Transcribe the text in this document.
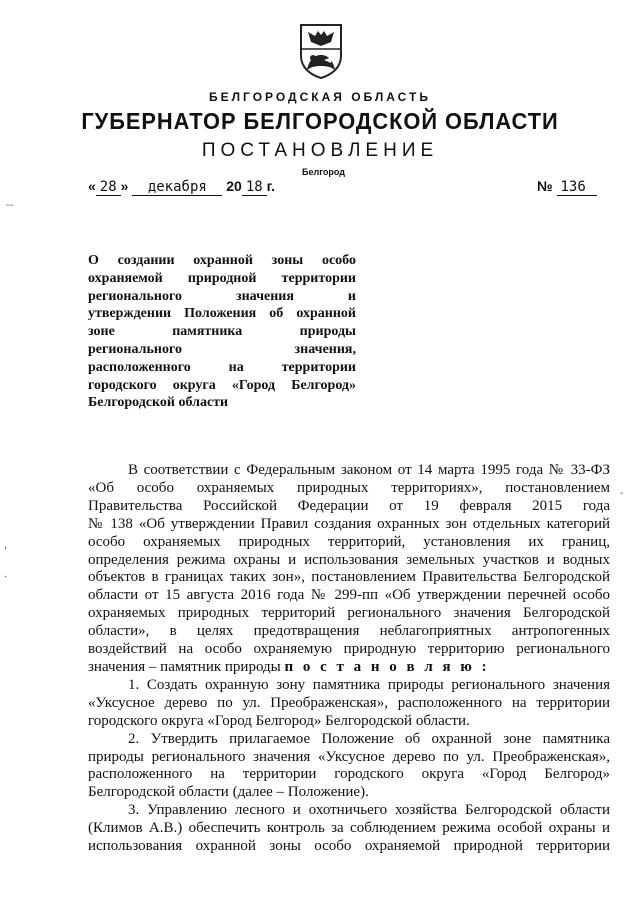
БЕЛГОРОДСКАЯ ОБЛАСТЬ
ГУБЕРНАТОР БЕЛГОРОДСКОЙ ОБЛАСТИ
ПОСТАНОВЛЕНИЕ
Белгород
« 28 » декабря 20 18 г.	№ 136
О создании охранной зоны особо
охраняемой природной территории
регионального значения и
утверждении Положения об охранной
зоне памятника природы
регионального значения,
расположенного на территории
городского округа «Город Белгород»
Белгородской области
В соответствии с Федеральным законом от 14 марта 1995 года № 33-ФЗ
«Об особо охраняемых природных территориях», постановлением
Правительства Российской Федерации от 19 февраля 2015 года
№ 138 «Об утверждении Правил создания охранных зон отдельных категорий
особо охраняемых природных территорий, установления их границ,
определения режима охраны и использования земельных участков и водных
объектов в границах таких зон», постановлением Правительства Белгородской
области от 15 августа 2016 года № 299-пп «Об утверждении перечней особо
охраняемых природных территорий регионального значения Белгородской
области», в целях предотвращения неблагоприятных антропогенных
воздействий на особо охраняемую природную территорию регионального
значения – памятник природы п о с т а н о в л я ю :
1. Создать охранную зону памятника природы регионального значения
«Уксусное дерево по ул. Преображенская», расположенного на территории
городского округа «Город Белгород» Белгородской области.
2. Утвердить прилагаемое Положение об охранной зоне памятника
природы регионального значения «Уксусное дерево по ул. Преображенская»,
расположенного на территории городского округа «Город Белгород»
Белгородской области (далее – Положение).
3. Управлению лесного и охотничьего хозяйства Белгородской области
(Климов А.В.) обеспечить контроль за соблюдением режима особой охраны и
использования охранной зоны особо охраняемой природной территории
‐‐
‚
·
‐
